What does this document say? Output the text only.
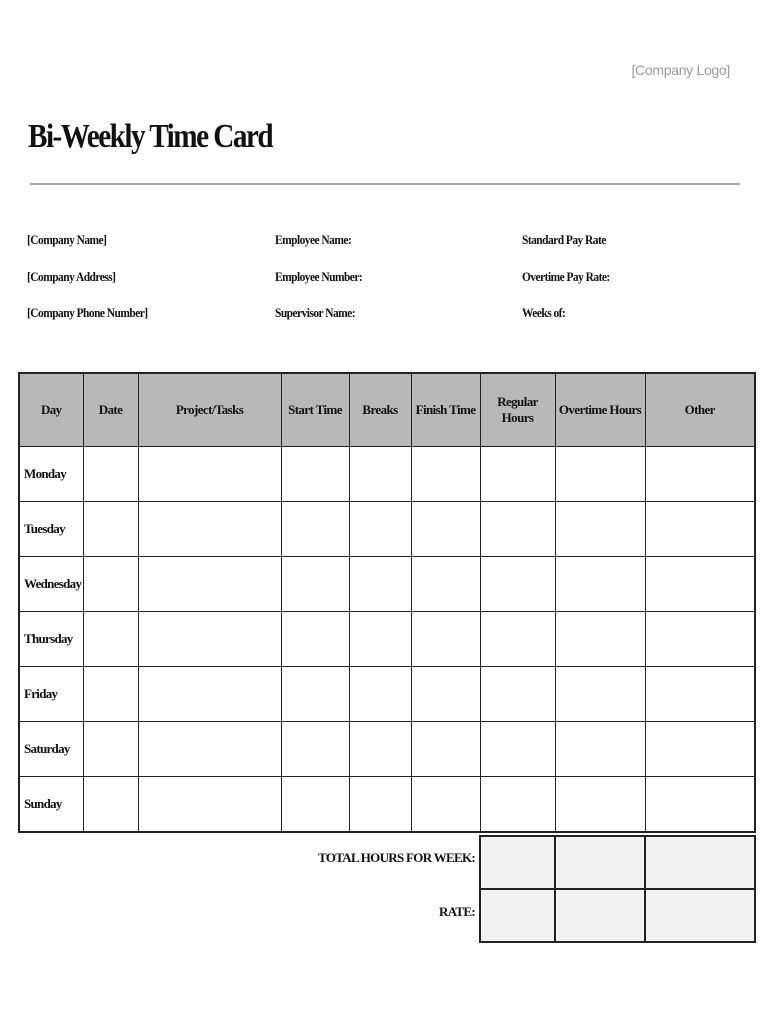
[Company Logo]
Bi-Weekly Time Card
[Company Name]
[Company Address]
[Company Phone Number]
Employee Name:
Employee Number:
Supervisor Name:
Standard Pay Rate
Overtime Pay Rate:
Weeks of:
Day	Date	Project/Tasks	Start Time	Breaks	Finish Time	Regular Hours	Overtime Hours	Other
Monday								
Tuesday								
Wednesday								
Thursday								
Friday								
Saturday								
Sunday								
TOTAL HOURS FOR WEEK:
RATE:
